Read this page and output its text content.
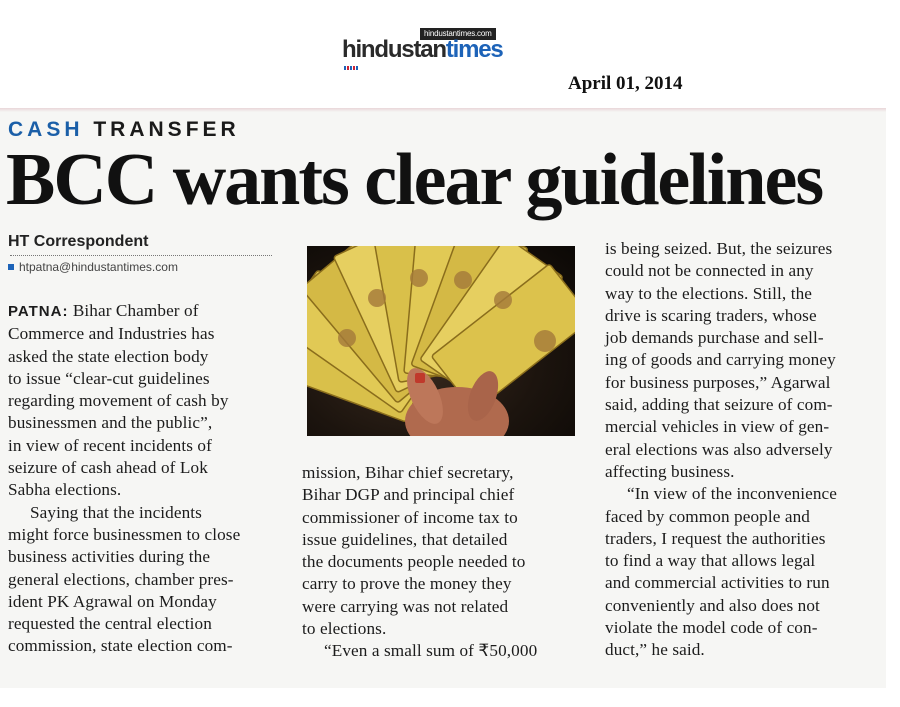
hindustantimes.com
hindustantimes
April 01, 2014
CASH TRANSFER
BCC wants clear guidelines
HT Correspondent
htpatna@hindustantimes.com

PATNA: Bihar Chamber of

Commerce and Industries has

asked the state election body

to issue “clear-cut guidelines

regarding movement of cash by

businessmen and the public”,

in view of recent incidents of

seizure of cash ahead of Lok

Sabha elections.

Saying that the incidents

might force businessmen to close

business activities during the

general elections, chamber pres-

ident PK Agrawal on Monday

requested the central election

commission, state election com-

mission, Bihar chief secretary,

Bihar DGP and principal chief

commissioner of income tax to

issue guidelines, that detailed

the documents people needed to

carry to prove the money they

were carrying was not related

to elections.

“Even a small sum of ₹50,000

is being seized. But, the seizures

could not be connected in any

way to the elections. Still, the

drive is scaring traders, whose

job demands purchase and sell-

ing of goods and carrying money

for business purposes,” Agarwal

said, adding that seizure of com-

mercial vehicles in view of gen-

eral elections was also adversely

affecting business.

“In view of the inconvenience

faced by common people and

traders, I request the authorities

to find a way that allows legal

and commercial activities to run

conveniently and also does not

violate the model code of con-

duct,” he said.
